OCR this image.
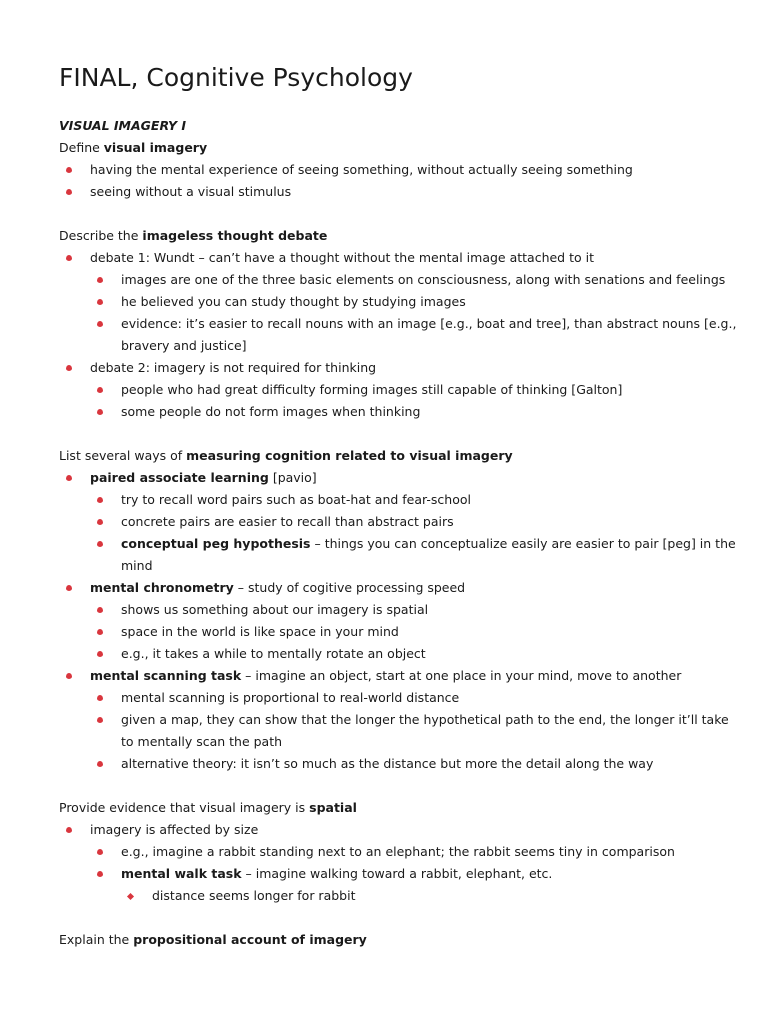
FINAL, Cognitive Psychology
VISUAL IMAGERY I
Define visual imagery
having the mental experience of seeing something, without actually seeing something
seeing without a visual stimulus
Describe the imageless thought debate
debate 1: Wundt – can’t have a thought without the mental image attached to it
images are one of the three basic elements on consciousness, along with senations and feelings
he believed you can study thought by studying images
evidence: it’s easier to recall nouns with an image [e.g., boat and tree], than abstract nouns [e.g.,
bravery and justice]
debate 2: imagery is not required for thinking
people who had great difficulty forming images still capable of thinking [Galton]
some people do not form images when thinking
List several ways of measuring cognition related to visual imagery
paired associate learning [pavio]
try to recall word pairs such as boat-hat and fear-school
concrete pairs are easier to recall than abstract pairs
conceptual peg hypothesis – things you can conceptualize easily are easier to pair [peg] in the
mind
mental chronometry – study of cogitive processing speed
shows us something about our imagery is spatial
space in the world is like space in your mind
e.g., it takes a while to mentally rotate an object
mental scanning task – imagine an object, start at one place in your mind, move to another
mental scanning is proportional to real-world distance
given a map, they can show that the longer the hypothetical path to the end, the longer it’ll take
to mentally scan the path
alternative theory: it isn’t so much as the distance but more the detail along the way
Provide evidence that visual imagery is spatial
imagery is affected by size
e.g., imagine a rabbit standing next to an elephant; the rabbit seems tiny in comparison
mental walk task – imagine walking toward a rabbit, elephant, etc.
distance seems longer for rabbit
Explain the propositional account of imagery
